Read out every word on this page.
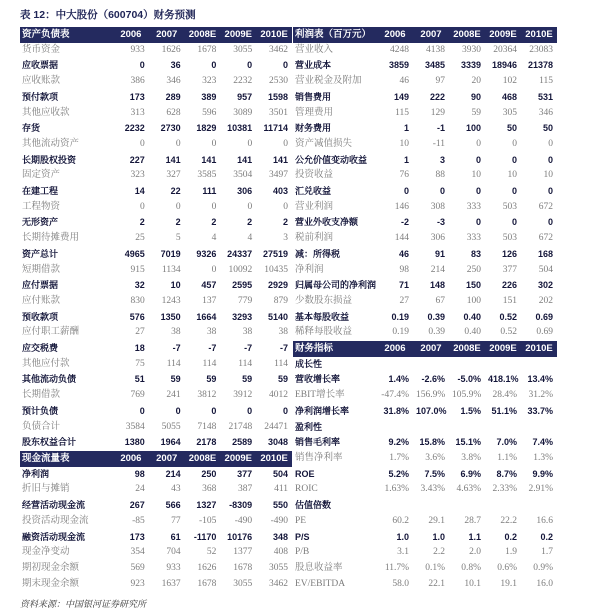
表 12：中大股份（600704）财务预测
资产负债表	2006	2007	2008E	2009E	2010E
货币资金	933	1626	1678	3055	3462
应收票据	0	36	0	0	0
应收账款	386	346	323	2232	2530
预付款项	173	289	389	957	1598
其他应收款	313	628	596	3089	3501
存货	2232	2730	1829	10381	11714
其他流动资产	0	0	0	0	0
长期股权投资	227	141	141	141	141
固定资产	323	327	3585	3504	3497
在建工程	14	22	111	306	403
工程物资	0	0	0	0	0
无形资产	2	2	2	2	2
长期待摊费用	25	5	4	4	3
资产总计	4965	7019	9326	24337	27519
短期借款	915	1134	0	10092	10435
应付票据	32	10	457	2595	2929
应付账款	830	1243	137	779	879
预收款项	576	1350	1664	3293	5140
应付职工薪酬	27	38	38	38	38
应交税费	18	-7	-7	-7	-7
其他应付款	75	114	114	114	114
其他流动负债	51	59	59	59	59
长期借款	769	241	3812	3912	4012
预计负债	0	0	0	0	0
负债合计	3584	5055	7148	21748	24471
股东权益合计	1380	1964	2178	2589	3048
现金流量表	2006	2007	2008E	2009E	2010E
净利润	98	214	250	377	504
折旧与摊销	24	43	368	387	411
经营活动现金流	267	566	1327	-8309	550
投资活动现金流	-85	77	-105	-490	-490
融资活动现金流	173	61	-1170	10176	348
现金净变动	354	704	52	1377	408
期初现金余额	569	933	1626	1678	3055
期末现金余额	923	1637	1678	3055	3462
利润表（百万元）	2006	2007	2008E	2009E	2010E
营业收入	4248	4138	3930	20364	23083
营业成本	3859	3485	3339	18946	21378
营业税金及附加	46	97	20	102	115
销售费用	149	222	90	468	531
管理费用	115	129	59	305	346
财务费用	1	-1	100	50	50
资产减值损失	10	-11	0	0	0
公允价值变动收益	1	3	0	0	0
投资收益	76	88	10	10	10
汇兑收益	0	0	0	0	0
营业利润	146	308	333	503	672
营业外收支净额	-2	-3	0	0	0
税前利润	144	306	333	503	672
减：所得税	46	91	83	126	168
净利润	98	214	250	377	504
归属母公司的净利润	71	148	150	226	302
少数股东损益	27	67	100	151	202
基本每股收益	0.19	0.39	0.40	0.52	0.69
稀释每股收益	0.19	0.39	0.40	0.52	0.69
财务指标	2006	2007	2008E	2009E	2010E
成长性					
营收增长率	1.4%	-2.6%	-5.0%	418.1%	13.4%
EBIT增长率	-47.4%	156.9%	105.9%	28.4%	31.2%
净利润增长率	31.8%	107.0%	1.5%	51.1%	33.7%
盈利性					
销售毛利率	9.2%	15.8%	15.1%	7.0%	7.4%
销售净利率	1.7%	3.6%	3.8%	1.1%	1.3%
ROE	5.2%	7.5%	6.9%	8.7%	9.9%
ROIC	1.63%	3.43%	4.63%	2.33%	2.91%
估值倍数					
PE	60.2	29.1	28.7	22.2	16.6
P/S	1.0	1.0	1.1	0.2	0.2
P/B	3.1	2.2	2.0	1.9	1.7
股息收益率	11.7%	0.1%	0.8%	0.6%	0.9%
EV/EBITDA	58.0	22.1	10.1	19.1	16.0
资料来源：中国银河证券研究所
